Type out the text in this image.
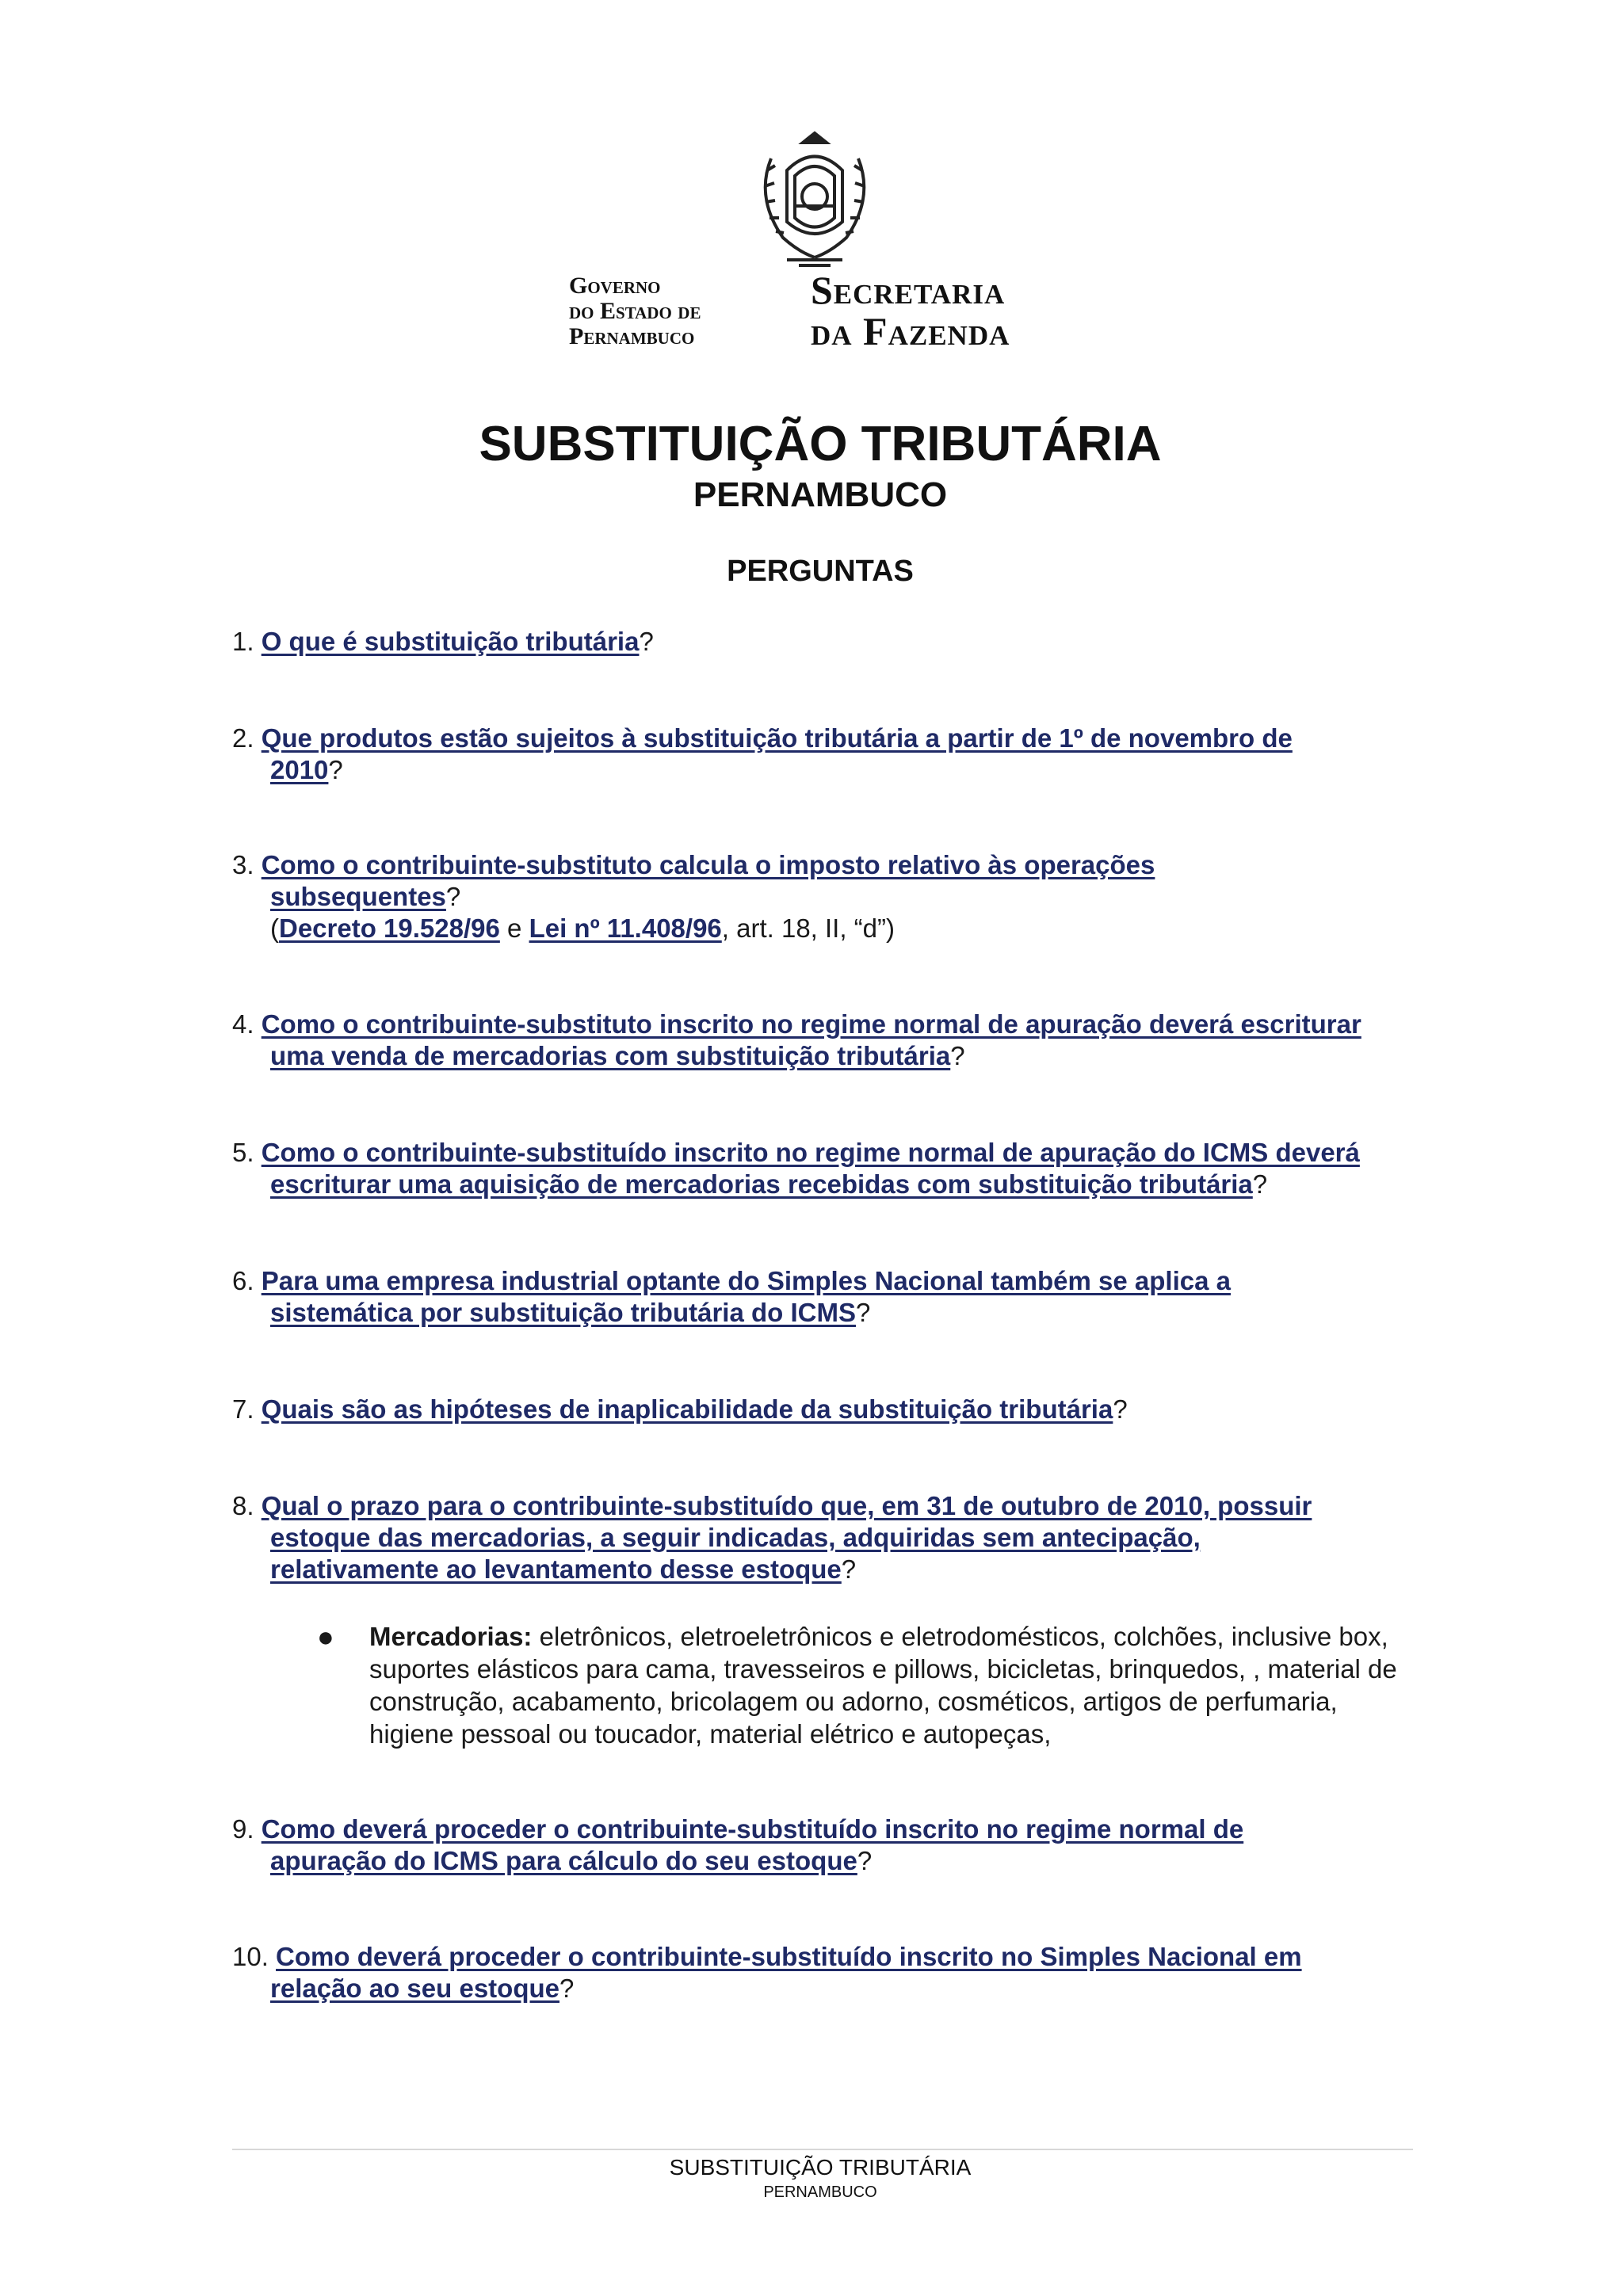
Governo
do Estado de
Pernambuco
Secretaria
da Fazenda
SUBSTITUIÇÃO TRIBUTÁRIA
PERNAMBUCO
PERGUNTAS
1. O que é substituição tributária?
2. Que produtos estão sujeitos à substituição tributária a partir de 1º de novembro de
2010?
3. Como o contribuinte-substituto calcula o imposto relativo às operações
subsequentes?
(Decreto 19.528/96 e Lei nº 11.408/96, art. 18, II, “d”)
4. Como o contribuinte-substituto inscrito no regime normal de apuração deverá escriturar
uma venda de mercadorias com substituição tributária?
5. Como o contribuinte-substituído inscrito no regime normal de apuração do ICMS deverá
escriturar uma aquisição de mercadorias recebidas com substituição tributária?
6. Para uma empresa industrial optante do Simples Nacional também se aplica a
sistemática por substituição tributária do ICMS?
7. Quais são as hipóteses de inaplicabilidade da substituição tributária?
8. Qual o prazo para o contribuinte-substituído que, em 31 de outubro de 2010, possuir
estoque das mercadorias, a seguir indicadas, adquiridas sem antecipação,
relativamente ao levantamento desse estoque?
● Mercadorias: eletrônicos, eletroeletrônicos e eletrodomésticos, colchões, inclusive box, suportes elásticos para cama, travesseiros e pillows, bicicletas, brinquedos, , material de construção, acabamento, bricolagem ou adorno, cosméticos, artigos de perfumaria, higiene pessoal ou toucador, material elétrico e autopeças,
9. Como deverá proceder o contribuinte-substituído inscrito no regime normal de
apuração do ICMS para cálculo do seu estoque?
10. Como deverá proceder o contribuinte-substituído inscrito no Simples Nacional em
relação ao seu estoque?
SUBSTITUIÇÃO TRIBUTÁRIA
PERNAMBUCO
